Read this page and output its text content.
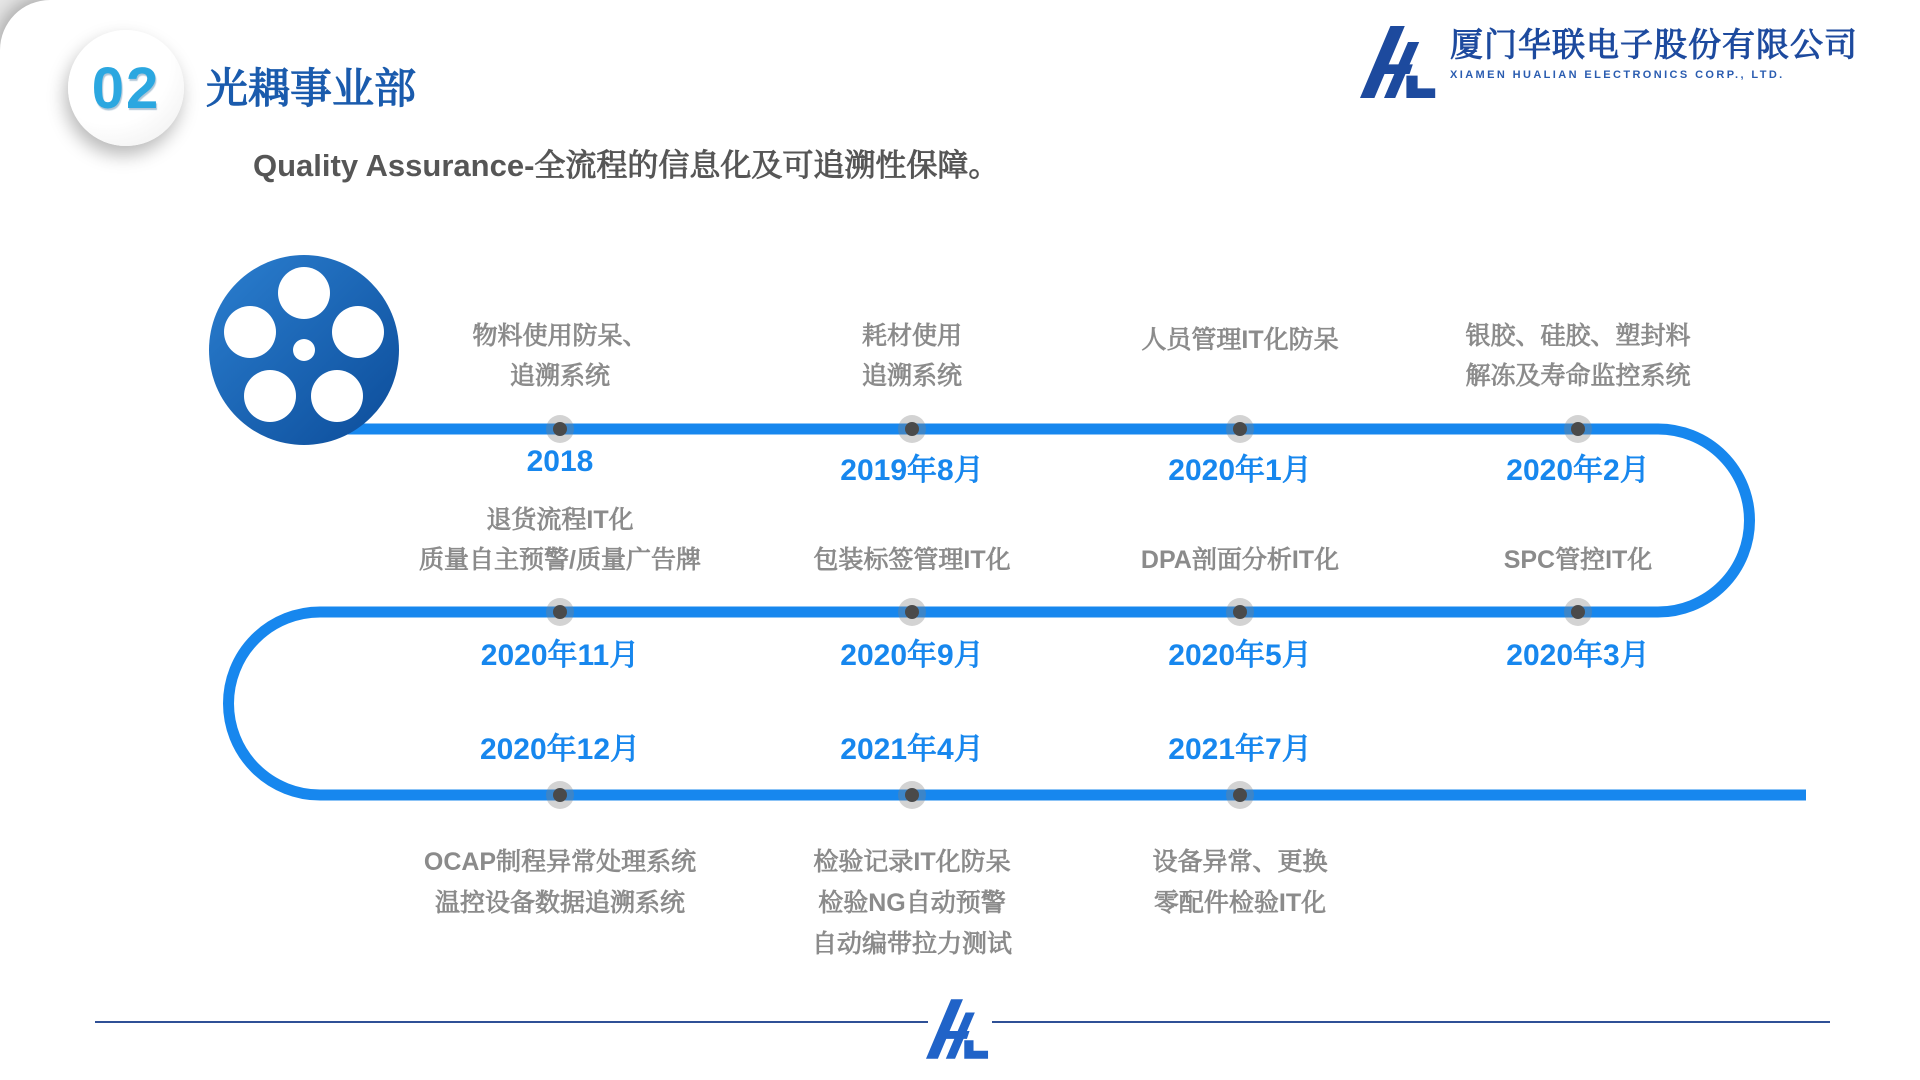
02 光耦事业部
Quality Assurance-全流程的信息化及可追溯性保障。
厦门华联电子股份有限公司
XIAMEN HUALIAN ELECTRONICS CORP., LTD.
物料使用防呆、
追溯系统
耗材使用
追溯系统
人员管理IT化防呆	银胶、硅胶、塑封料
解冻及寿命监控系统
2018	2019年8月	2020年1月	2020年2月
退货流程IT化
质量自主预警/质量广告牌	包装标签管理IT化	DPA剖面分析IT化	SPC管控IT化
2020年11月	2020年9月	2020年5月	2020年3月
2020年12月	2021年4月	2021年7月
OCAP制程异常处理系统
温控设备数据追溯系统
检验记录IT化防呆
检验NG自动预警
自动编带拉力测试
设备异常、更换
零配件检验IT化
